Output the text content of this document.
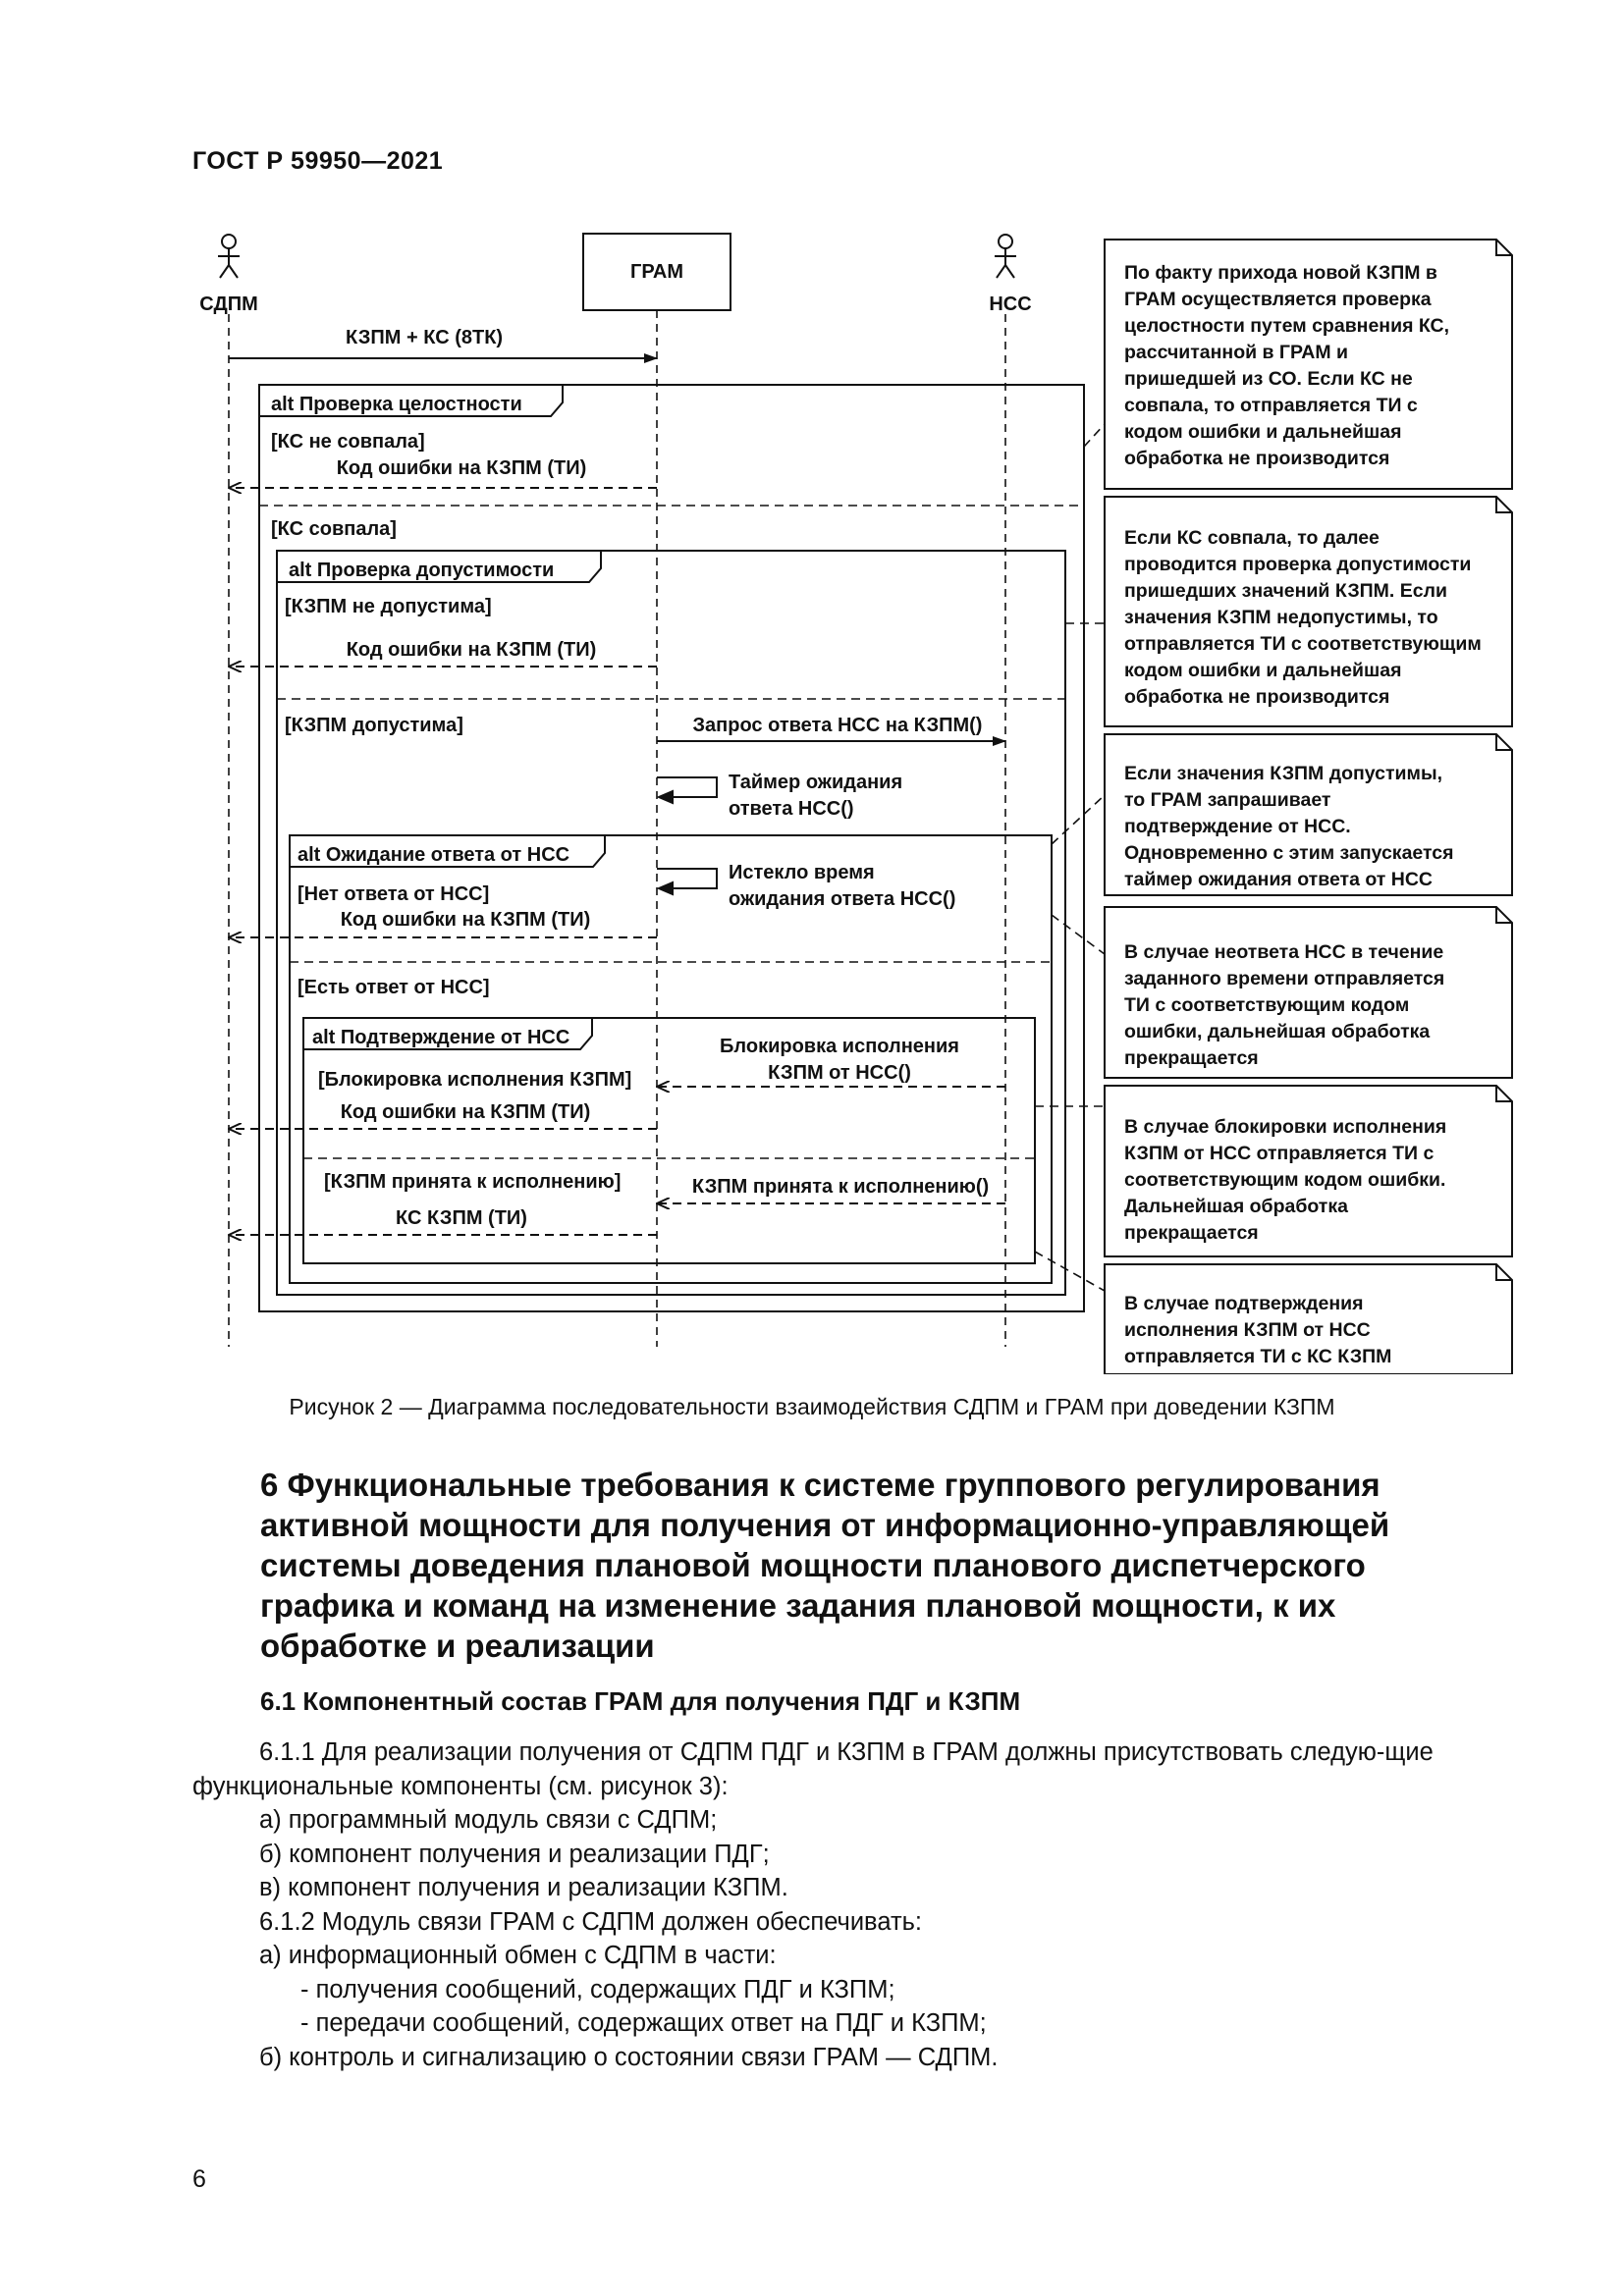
ГОСТ Р 59950—2021
СДПМ
ГРАМ
НСС
КЗПМ + КС (8ТК)
Код ошибки на КЗПМ (ТИ)
Код ошибки на КЗПМ (ТИ)
Запрос ответа НСС на КЗПМ()
Таймер ожидания
ответа НСС()
Истекло время
ожидания ответа НСС()
Код ошибки на КЗПМ (ТИ)
Блокировка исполнения
КЗПМ от НСС()
Код ошибки на КЗПМ (ТИ)
КЗПМ принята к исполнению()
КС КЗПМ (ТИ)
alt Проверка целостности
alt Проверка допустимости
alt Ожидание ответа от НСС
alt Подтверждение от НСС
[КС не совпала]
[КС совпала]
[КЗПМ не допустима]
[КЗПМ допустима]
[Нет ответа от НСС]
[Есть ответ от НСС]
[Блокировка исполнения КЗПМ]
[КЗПМ принята к исполнению]
По факту прихода новой КЗПМ в
ГРАМ осуществляется проверка
целостности путем сравнения КС,
рассчитанной в ГРАМ и
пришедшей из СО. Если КС не
совпала, то отправляется ТИ с
кодом ошибки и дальнейшая
обработка не производится
Если КС совпала, то далее
проводится проверка допустимости
пришедших значений КЗПМ. Если
значения КЗПМ недопустимы, то
отправляется ТИ с соответствующим
кодом ошибки и дальнейшая
обработка не производится
Если значения КЗПМ допустимы,
то ГРАМ запрашивает
подтверждение от НСС.
Одновременно с этим запускается
таймер ожидания ответа от НСС
В случае неответа НСС в течение
заданного времени отправляется
ТИ с соответствующим кодом
ошибки, дальнейшая обработка
прекращается
В случае блокировки исполнения
КЗПМ от НСС отправляется ТИ с
соответствующим кодом ошибки.
Дальнейшая обработка
прекращается
В случае подтверждения
исполнения КЗПМ от НСС
отправляется ТИ с КС КЗПМ
Рисунок 2 — Диаграмма последовательности взаимодействия СДПМ и ГРАМ при доведении КЗПМ
6 Функциональные требования к системе группового регулирования активной мощности для получения от информационно-управляющей системы доведения плановой мощности планового диспетчерского графика и команд на изменение задания плановой мощности, к их обработке и реализации
6.1 Компонентный состав ГРАМ для получения ПДГ и КЗПМ

6.1.1 Для реализации получения от СДПМ ПДГ и КЗПМ в ГРАМ должны присутствовать следую-щие функциональные компоненты (см. рисунок 3):

а) программный модуль связи с СДПМ;

б) компонент получения и реализации ПДГ;

в) компонент получения и реализации КЗПМ.

6.1.2 Модуль связи ГРАМ с СДПМ должен обеспечивать:

а) информационный обмен с СДПМ в части:

- получения сообщений, содержащих ПДГ и КЗПМ;

- передачи сообщений, содержащих ответ на ПДГ и КЗПМ;

б) контроль и сигнализацию о состоянии связи ГРАМ — СДПМ.

6
